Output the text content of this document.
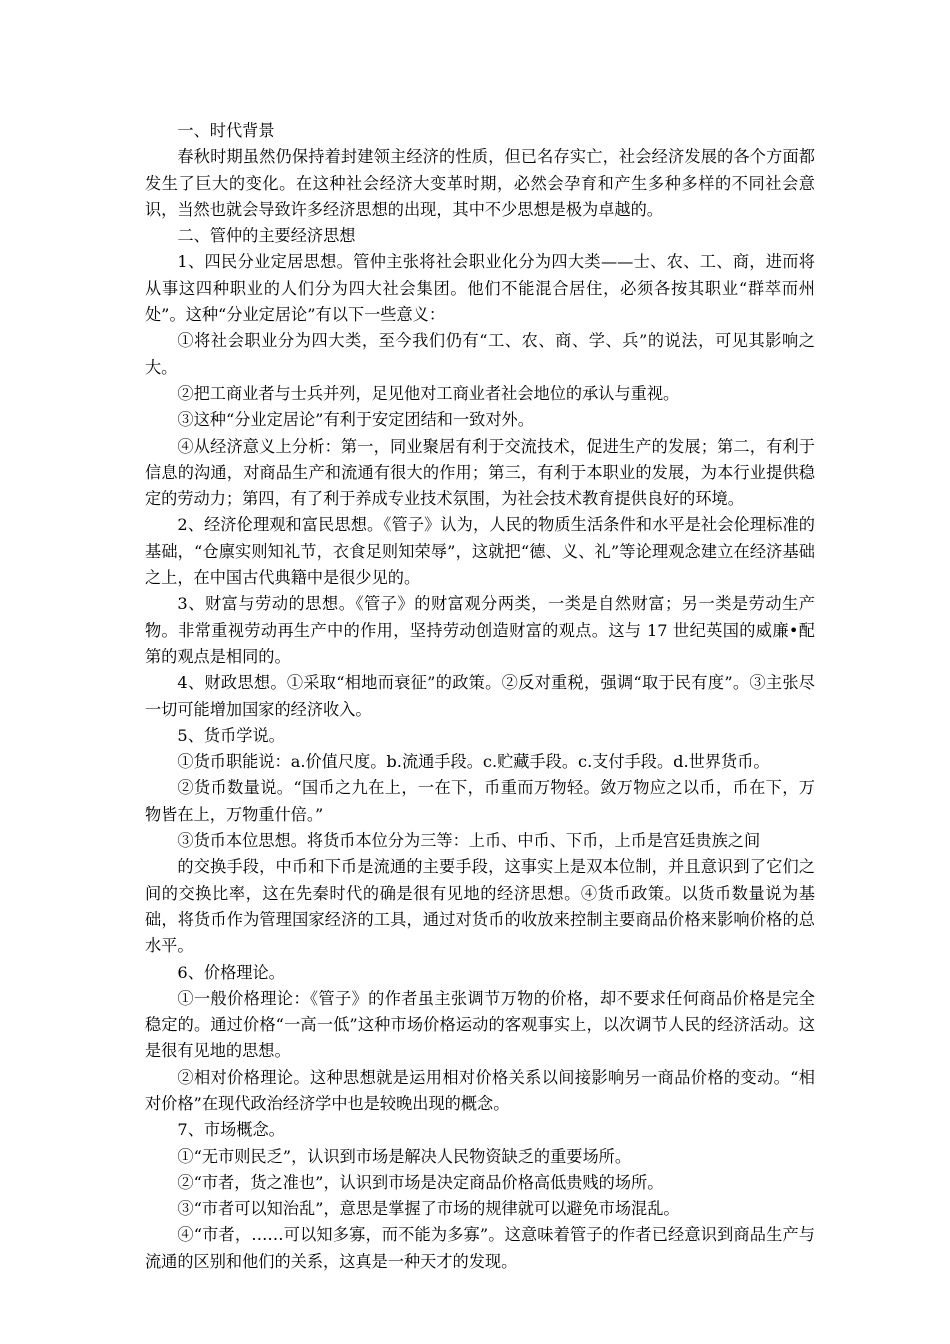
一、时代背景

春秋时期虽然仍保持着封建领主经济的性质，但已名存实亡，社会经济发展的各个方面都发生了巨大的变化。在这种社会经济大变革时期，必然会孕育和产生多种多样的不同社会意识，当然也就会导致许多经济思想的出现，其中不少思想是极为卓越的。

二、管仲的主要经济思想

1、四民分业定居思想。管仲主张将社会职业化分为四大类——士、农、工、商，进而将从事这四种职业的人们分为四大社会集团。他们不能混合居住，必须各按其职业“群萃而州处”。这种“分业定居论”有以下一些意义：

①将社会职业分为四大类，至今我们仍有“工、农、商、学、兵”的说法，可见其影响之大。

②把工商业者与士兵并列，足见他对工商业者社会地位的承认与重视。

③这种“分业定居论”有利于安定团结和一致对外。

④从经济意义上分析：第一，同业聚居有利于交流技术，促进生产的发展；第二，有利于信息的沟通，对商品生产和流通有很大的作用；第三，有利于本职业的发展，为本行业提供稳定的劳动力；第四，有了利于养成专业技术氛围，为社会技术教育提供良好的环境。

2、经济伦理观和富民思想。《管子》认为，人民的物质生活条件和水平是社会伦理标准的基础，“仓廪实则知礼节，衣食足则知荣辱”，这就把“德、义、礼”等论理观念建立在经济基础之上，在中国古代典籍中是很少见的。

3、财富与劳动的思想。《管子》的财富观分两类，一类是自然财富；另一类是劳动生产物。非常重视劳动再生产中的作用，坚持劳动创造财富的观点。这与 17 世纪英国的威廉•配第的观点是相同的。

4、财政思想。①采取“相地而衰征”的政策。②反对重税，强调“取于民有度”。③主张尽一切可能增加国家的经济收入。

5、货币学说。

①货币职能说：a.价值尺度。b.流通手段。c.贮藏手段。c.支付手段。d.世界货币。

②货币数量说。“国币之九在上，一在下，币重而万物轻。敛万物应之以币，币在下，万物皆在上，万物重什倍。”

③货币本位思想。将货币本位分为三等：上币、中币、下币，上币是宫廷贵族之间

的交换手段，中币和下币是流通的主要手段，这事实上是双本位制，并且意识到了它们之间的交换比率，这在先秦时代的确是很有见地的经济思想。④货币政策。以货币数量说为基础，将货币作为管理国家经济的工具，通过对货币的收放来控制主要商品价格来影响价格的总水平。

6、价格理论。

①一般价格理论：《管子》的作者虽主张调节万物的价格，却不要求任何商品价格是完全稳定的。通过价格“一高一低”这种市场价格运动的客观事实上，以次调节人民的经济活动。这是很有见地的思想。

②相对价格理论。这种思想就是运用相对价格关系以间接影响另一商品价格的变动。“相对价格”在现代政治经济学中也是较晚出现的概念。

7、市场概念。

①“无市则民乏”，认识到市场是解决人民物资缺乏的重要场所。

②“市者，货之准也”，认识到市场是决定商品价格高低贵贱的场所。

③“市者可以知治乱”，意思是掌握了市场的规律就可以避免市场混乱。

④“市者，……可以知多寡，而不能为多寡”。这意味着管子的作者已经意识到商品生产与流通的区别和他们的关系，这真是一种天才的发现。
